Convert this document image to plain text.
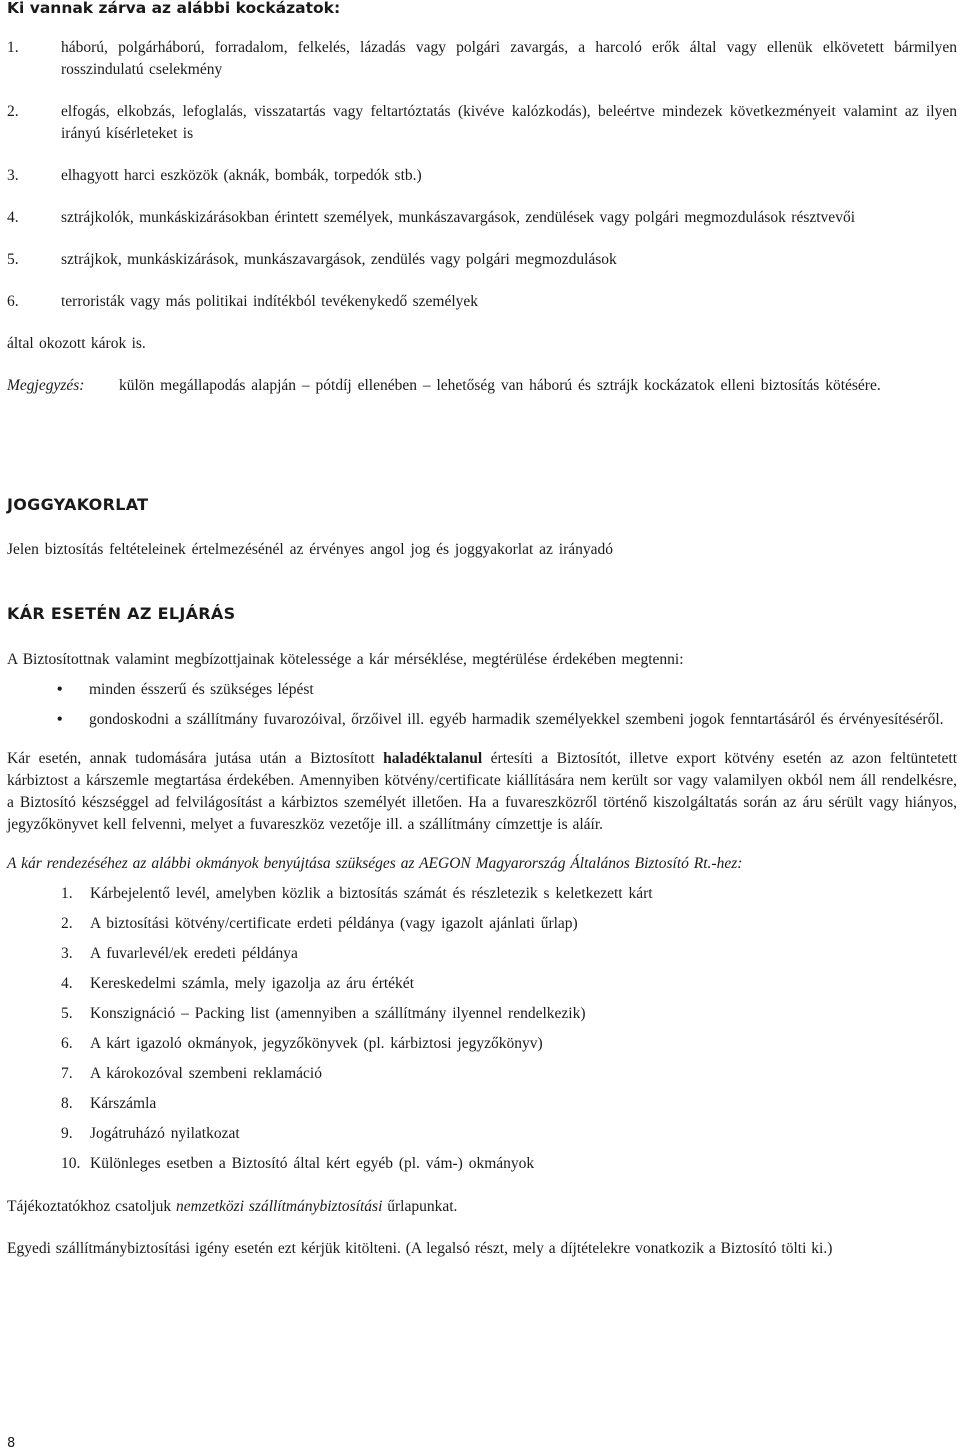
Ki vannak zárva az alábbi kockázatok:
1.	háború, polgárháború, forradalom, felkelés, lázadás vagy polgári zavargás, a harcoló erők által vagy ellenük elkövetett bármilyen rosszindulatú cselekmény
2.	elfogás, elkobzás, lefoglalás, visszatartás vagy feltartóztatás (kivéve kalózkodás), beleértve mindezek következményeit valamint az ilyen irányú kísérleteket is
3.	elhagyott harci eszközök (aknák, bombák, torpedók stb.)
4.	sztrájkolók, munkáskizárásokban érintett személyek, munkászavargások, zendülések vagy polgári megmozdulások résztvevői
5.	sztrájkok, munkáskizárások, munkászavargások, zendülés vagy polgári megmozdulások
6.	terroristák vagy más politikai indítékból tevékenykedő személyek
által okozott károk is.
Megjegyzés: külön megállapodás alapján – pótdíj ellenében – lehetőség van háború és sztrájk kockázatok elleni biztosítás kötésére.
JOGGYAKORLAT
Jelen biztosítás feltételeinek értelmezésénél az érvényes angol jog és joggyakorlat az irányadó
KÁR ESETÉN AZ ELJÁRÁS
A Biztosítottnak valamint megbízottjainak kötelessége a kár mérséklése, megtérülése érdekében megtenni:
• minden ésszerű és szükséges lépést
• gondoskodni a szállítmány fuvarozóival, őrzőivel ill. egyéb harmadik személyekkel szembeni jogok fenntartásáról és érvényesítéséről.
Kár esetén, annak tudomására jutása után a Biztosított haladéktalanul értesíti a Biztosítót, illetve export kötvény esetén az azon feltüntetett kárbiztost a kárszemle megtartása érdekében. Amennyiben kötvény/certificate kiállítására nem került sor vagy valamilyen okból nem áll rendelkésre, a Biztosító készséggel ad felvilágosítást a kárbiztos személyét illetően. Ha a fuvareszközről történő kiszolgáltatás során az áru sérült vagy hiányos, jegyzőkönyvet kell felvenni, melyet a fuvareszköz vezetője ill. a szállítmány címzettje is aláír.
A kár rendezéséhez az alábbi okmányok benyújtása szükséges az AEGON Magyarország Általános Biztosító Rt.-hez:
1. Kárbejelentő levél, amelyben közlik a biztosítás számát és részletezik s keletkezett kárt
2. A biztosítási kötvény/certificate erdeti példánya (vagy igazolt ajánlati űrlap)
3. A fuvarlevél/ek eredeti példánya
4. Kereskedelmi számla, mely igazolja az áru értékét
5. Konszignáció – Packing list (amennyiben a szállítmány ilyennel rendelkezik)
6. A kárt igazoló okmányok, jegyzőkönyvek (pl. kárbiztosi jegyzőkönyv)
7. A károkozóval szembeni reklamáció
8. Kárszámla
9. Jogátruházó nyilatkozat
10. Különleges esetben a Biztosító által kért egyéb (pl. vám-) okmányok
Tájékoztatókhoz csatoljuk nemzetközi szállítmánybiztosítási űrlapunkat.
Egyedi szállítmánybiztosítási igény esetén ezt kérjük kitölteni. (A legalsó részt, mely a díjtételekre vonatkozik a Biztosító tölti ki.)
8
